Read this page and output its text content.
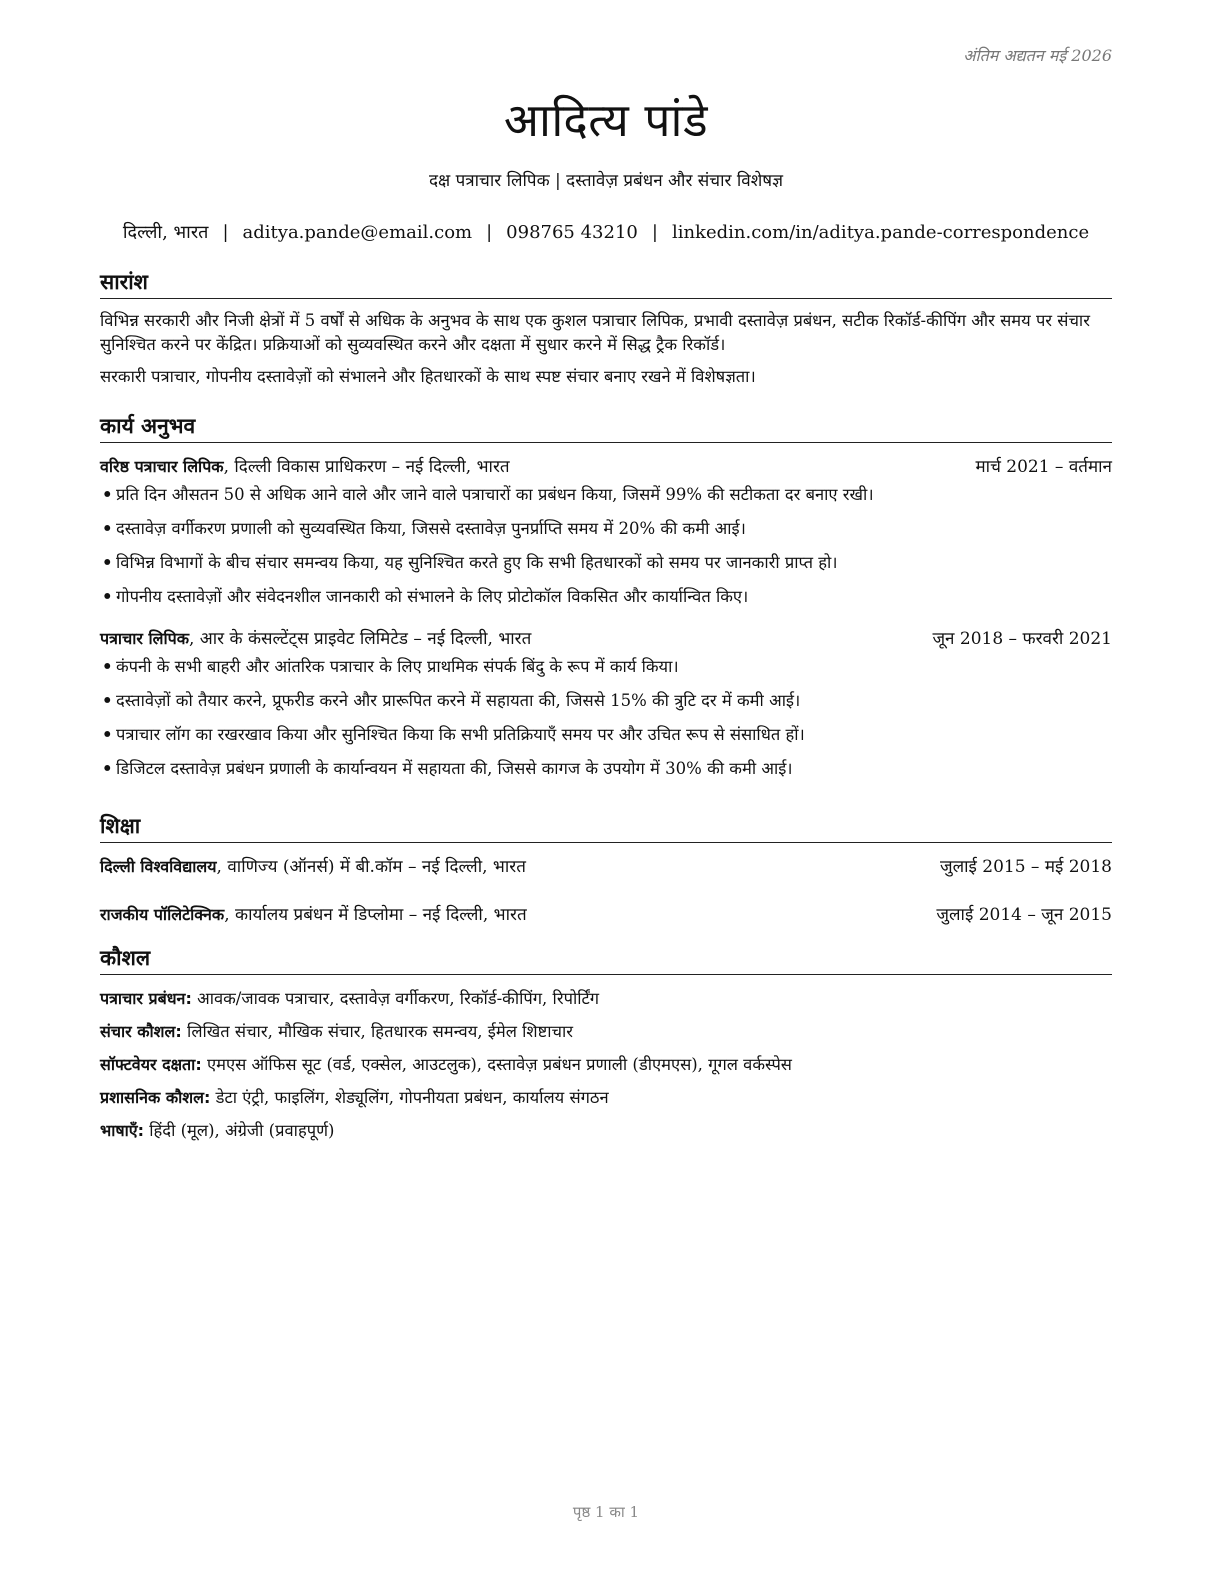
अंतिम अद्यतन मई 2026
आदित्य पांडे
दक्ष पत्राचार लिपिक | दस्तावेज़ प्रबंधन और संचार विशेषज्ञ
दिल्ली, भारत | aditya.pande@email.com | 098765 43210 | linkedin.com/in/aditya.pande-correspondence
सारांश

विभिन्न सरकारी और निजी क्षेत्रों में 5 वर्षों से अधिक के अनुभव के साथ एक कुशल पत्राचार लिपिक, प्रभावी दस्तावेज़ प्रबंधन, सटीक रिकॉर्ड-कीपिंग और समय पर संचार सुनिश्चित करने पर केंद्रित। प्रक्रियाओं को सुव्यवस्थित करने और दक्षता में सुधार करने में सिद्ध ट्रैक रिकॉर्ड।

सरकारी पत्राचार, गोपनीय दस्तावेज़ों को संभालने और हितधारकों के साथ स्पष्ट संचार बनाए रखने में विशेषज्ञता।

कार्य अनुभव
वरिष्ठ पत्राचार लिपिक, दिल्ली विकास प्राधिकरण – नई दिल्ली, भारत	मार्च 2021 – वर्तमान
• प्रति दिन औसतन 50 से अधिक आने वाले और जाने वाले पत्राचारों का प्रबंधन किया, जिसमें 99% की सटीकता दर बनाए रखी।
• दस्तावेज़ वर्गीकरण प्रणाली को सुव्यवस्थित किया, जिससे दस्तावेज़ पुनर्प्राप्ति समय में 20% की कमी आई।
• विभिन्न विभागों के बीच संचार समन्वय किया, यह सुनिश्चित करते हुए कि सभी हितधारकों को समय पर जानकारी प्राप्त हो।
• गोपनीय दस्तावेज़ों और संवेदनशील जानकारी को संभालने के लिए प्रोटोकॉल विकसित और कार्यान्वित किए।
पत्राचार लिपिक, आर के कंसल्टेंट्स प्राइवेट लिमिटेड – नई दिल्ली, भारत	जून 2018 – फरवरी 2021
• कंपनी के सभी बाहरी और आंतरिक पत्राचार के लिए प्राथमिक संपर्क बिंदु के रूप में कार्य किया।
• दस्तावेज़ों को तैयार करने, प्रूफरीड करने और प्रारूपित करने में सहायता की, जिससे 15% की त्रुटि दर में कमी आई।
• पत्राचार लॉग का रखरखाव किया और सुनिश्चित किया कि सभी प्रतिक्रियाएँ समय पर और उचित रूप से संसाधित हों।
• डिजिटल दस्तावेज़ प्रबंधन प्रणाली के कार्यान्वयन में सहायता की, जिससे कागज के उपयोग में 30% की कमी आई।
शिक्षा
दिल्ली विश्वविद्यालय, वाणिज्य (ऑनर्स) में बी.कॉम – नई दिल्ली, भारत	जुलाई 2015 – मई 2018
राजकीय पॉलिटेक्निक, कार्यालय प्रबंधन में डिप्लोमा – नई दिल्ली, भारत	जुलाई 2014 – जून 2015
कौशल
पत्राचार प्रबंधन: आवक/जावक पत्राचार, दस्तावेज़ वर्गीकरण, रिकॉर्ड-कीपिंग, रिपोर्टिंग
संचार कौशल: लिखित संचार, मौखिक संचार, हितधारक समन्वय, ईमेल शिष्टाचार
सॉफ्टवेयर दक्षता: एमएस ऑफिस सूट (वर्ड, एक्सेल, आउटलुक), दस्तावेज़ प्रबंधन प्रणाली (डीएमएस), गूगल वर्कस्पेस
प्रशासनिक कौशल: डेटा एंट्री, फाइलिंग, शेड्यूलिंग, गोपनीयता प्रबंधन, कार्यालय संगठन
भाषाएँ: हिंदी (मूल), अंग्रेजी (प्रवाहपूर्ण)
पृष्ठ 1 का 1
